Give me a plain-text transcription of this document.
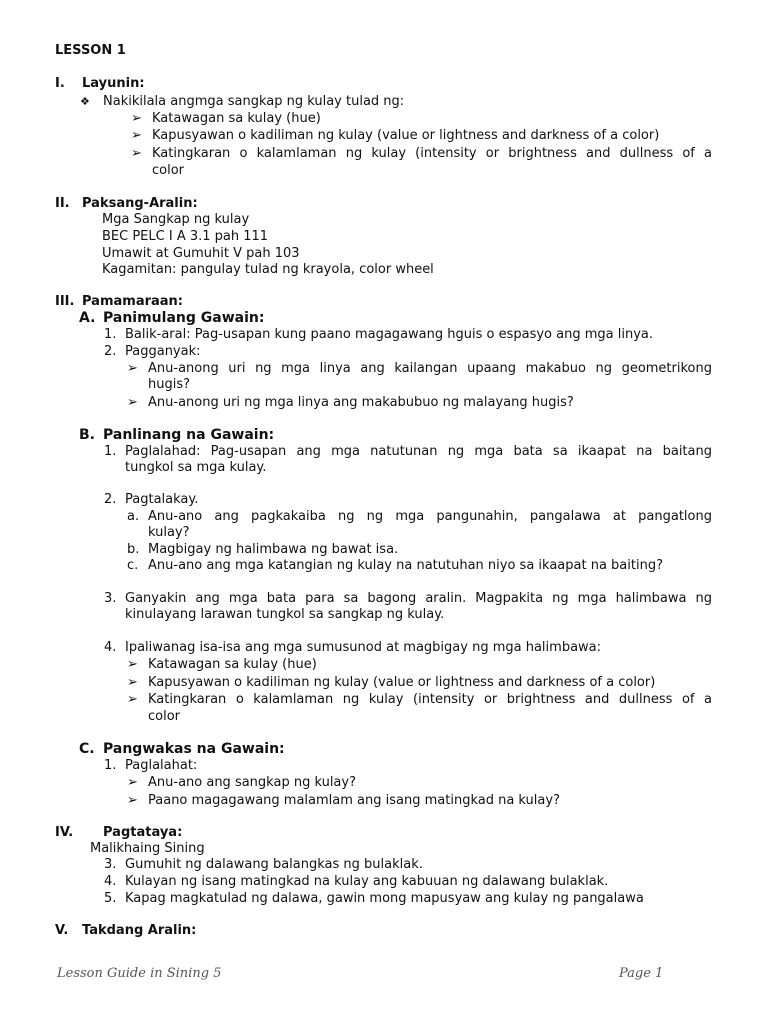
LESSON 1
I. Layunin:
❖ Nakikilala angmga sangkap ng kulay tulad ng:
➢ Katawagan sa kulay (hue)
➢ Kapusyawan o kadiliman ng kulay (value or lightness and darkness of a color)
➢ Katingkaran o kalamlaman ng kulay (intensity or brightness and dullness of a
color
II. Paksang-Aralin:
Mga Sangkap ng kulay
BEC PELC I A 3.1 pah 111
Umawit at Gumuhit V pah 103
Kagamitan: pangulay tulad ng krayola, color wheel
III. Pamamaraan:
A. Panimulang Gawain:
1. Balik-aral: Pag-usapan kung paano magagawang hguis o espasyo ang mga linya.
2. Pagganyak:
➢ Anu-anong uri ng mga linya ang kailangan upaang makabuo ng geometrikong
hugis?
➢ Anu-anong uri ng mga linya ang makabubuo ng malayang hugis?
B. Panlinang na Gawain:
1. Paglalahad: Pag-usapan ang mga natutunan ng mga bata sa ikaapat na baitang
tungkol sa mga kulay.
2. Pagtalakay.
a. Anu-ano ang pagkakaiba ng ng mga pangunahin, pangalawa at pangatlong
kulay?
b. Magbigay ng halimbawa ng bawat isa.
c. Anu-ano ang mga katangian ng kulay na natutuhan niyo sa ikaapat na baiting?
3. Ganyakin ang mga bata para sa bagong aralin. Magpakita ng mga halimbawa ng
kinulayang larawan tungkol sa sangkap ng kulay.
4. Ipaliwanag isa-isa ang mga sumusunod at magbigay ng mga halimbawa:
➢ Katawagan sa kulay (hue)
➢ Kapusyawan o kadiliman ng kulay (value or lightness and darkness of a color)
➢ Katingkaran o kalamlaman ng kulay (intensity or brightness and dullness of a
color
C. Pangwakas na Gawain:
1. Paglalahat:
➢ Anu-ano ang sangkap ng kulay?
➢ Paano magagawang malamlam ang isang matingkad na kulay?
IV. Pagtataya:
Malikhaing Sining
3. Gumuhit ng dalawang balangkas ng bulaklak.
4. Kulayan ng isang matingkad na kulay ang kabuuan ng dalawang bulaklak.
5. Kapag magkatulad ng dalawa, gawin mong mapusyaw ang kulay ng pangalawa
V. Takdang Aralin:
Lesson Guide in Sining 5	Page 1
